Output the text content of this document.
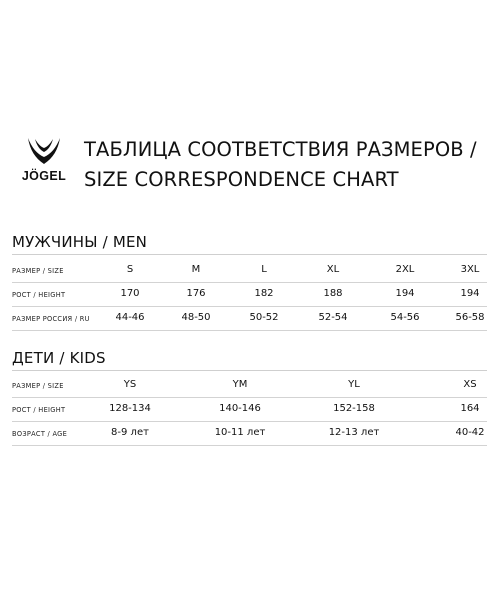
JÖGEL
ТАБЛИЦА СООТВЕТСТВИЯ РАЗМЕРОВ /
SIZE CORRESPONDENCE CHART
МУЖЧИНЫ / MEN
РАЗМЕР / SIZE	S	M	L	XL	2XL	3XL
РОСТ / HEIGHT	170	176	182	188	194	194
РАЗМЕР РОССИЯ / RU	44-46	48-50	50-52	52-54	54-56	56-58
ДЕТИ / KIDS
РАЗМЕР / SIZE	YS	YM	YL	XS
РОСТ / HEIGHT	128-134	140-146	152-158	164
ВОЗРАСТ / AGE	8-9 лет	10-11 лет	12-13 лет	40-42
